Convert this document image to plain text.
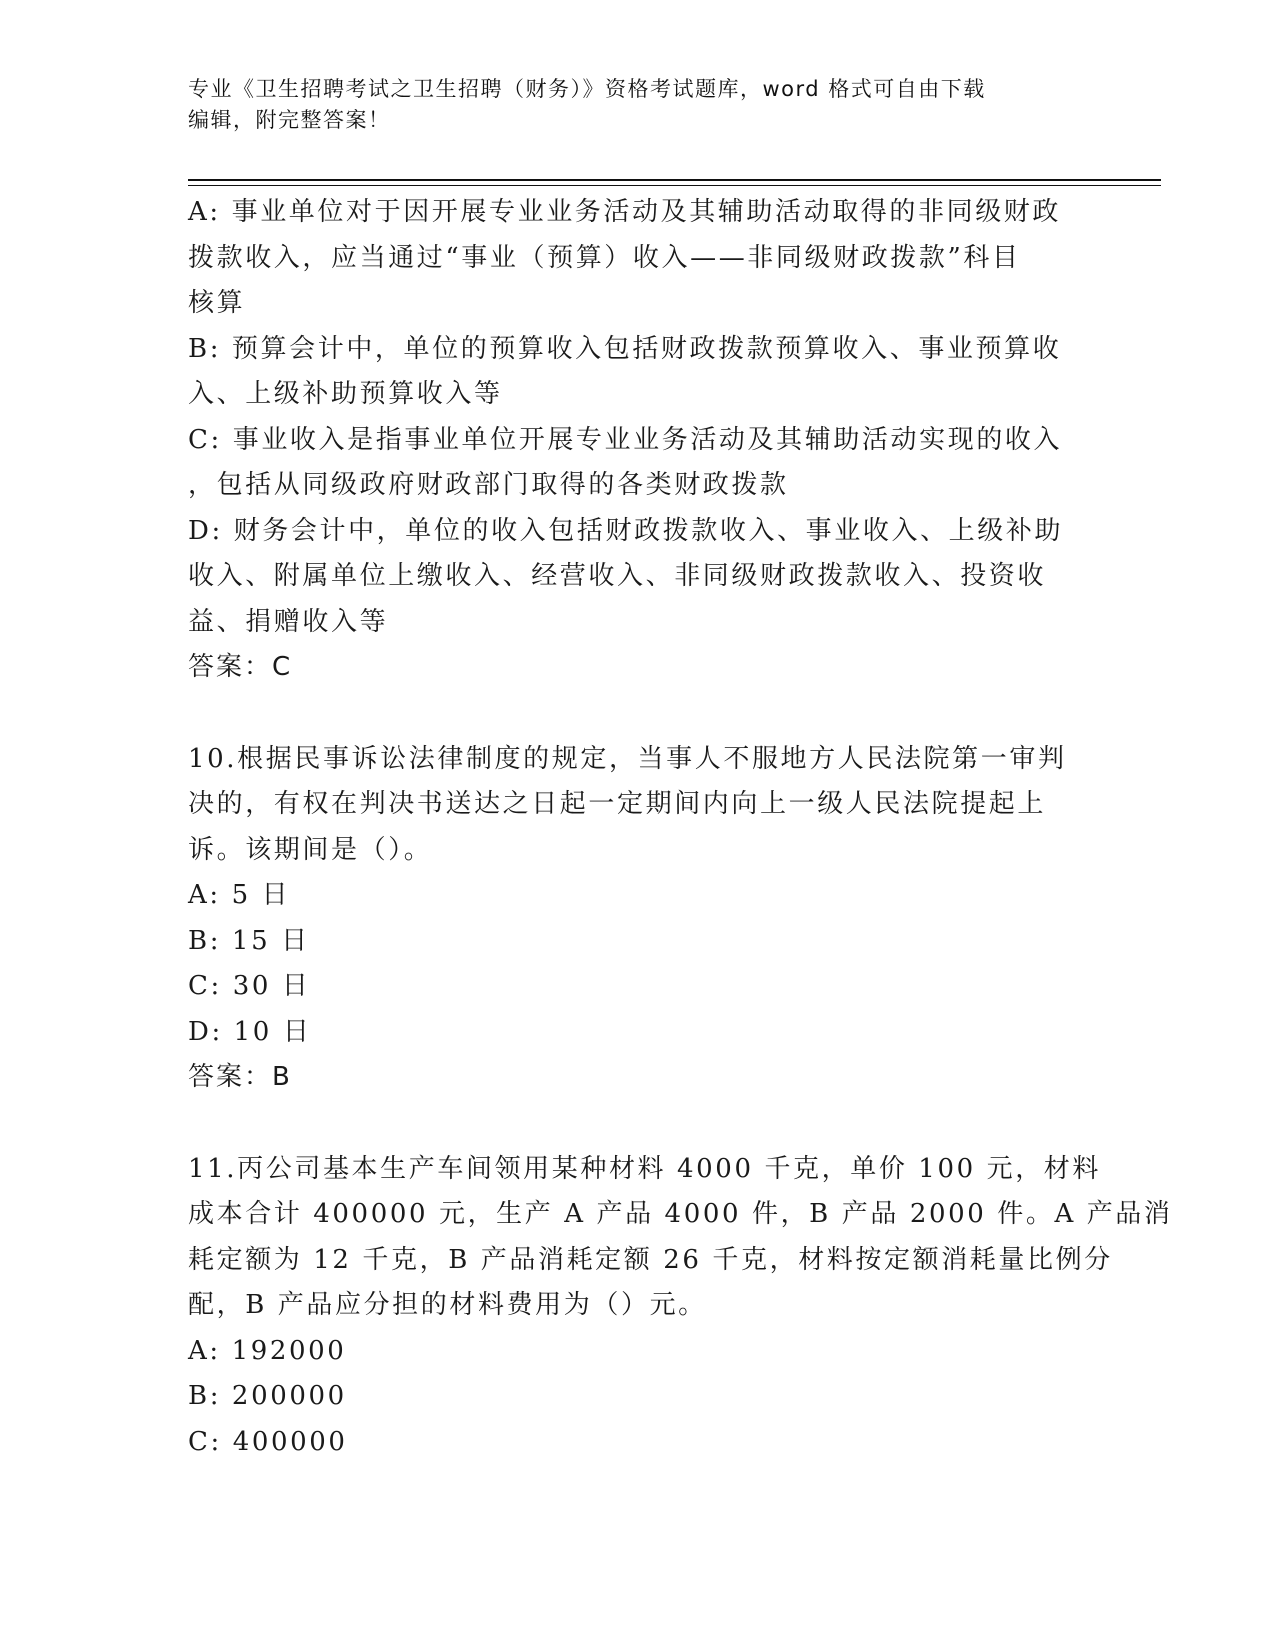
专业《卫生招聘考试之卫生招聘（财务）》资格考试题库，word 格式可自由下载
编辑，附完整答案！
A: 事业单位对于因开展专业业务活动及其辅助活动取得的非同级财政
拨款收入，应当通过“事业（预算）收入——非同级财政拨款”科目
核算
B: 预算会计中，单位的预算收入包括财政拨款预算收入、事业预算收
入、上级补助预算收入等
C: 事业收入是指事业单位开展专业业务活动及其辅助活动实现的收入
，包括从同级政府财政部门取得的各类财政拨款
D: 财务会计中，单位的收入包括财政拨款收入、事业收入、上级补助
收入、附属单位上缴收入、经营收入、非同级财政拨款收入、投资收
益、捐赠收入等
答案：C
10.根据民事诉讼法律制度的规定，当事人不服地方人民法院第一审判
决的，有权在判决书送达之日起一定期间内向上一级人民法院提起上
诉。该期间是（）。
A: 5 日
B: 15 日
C: 30 日
D: 10 日
答案：B
11.丙公司基本生产车间领用某种材料 4000 千克，单价 100 元，材料
成本合计 400000 元，生产 A 产品 4000 件，B 产品 2000 件。A 产品消
耗定额为 12 千克，B 产品消耗定额 26 千克，材料按定额消耗量比例分
配，B 产品应分担的材料费用为（）元。
A: 192000
B: 200000
C: 400000
